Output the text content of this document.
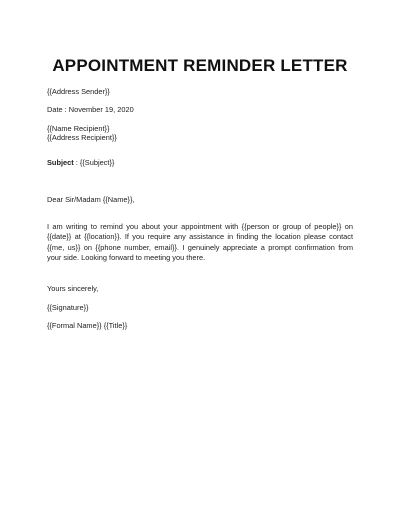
APPOINTMENT REMINDER LETTER
{{Address Sender}}
Date : November 19, 2020
{{Name Recipient}}
{{Address Recipient}}
Subject : {{Subject}}
Dear Sir/Madam {{Name}},

I am writing to remind you about your appointment with {{person or group of people}} on {{date}} at {{location}}. If you require any assistance in finding the location please contact {{me, us}} on {{phone number, email}}. I genuinely appreciate a prompt confirmation from your side. Looking forward to meeting you there.

Yours sincerely,
{{Signature}}
{{Formal Name}} {{Title}}
